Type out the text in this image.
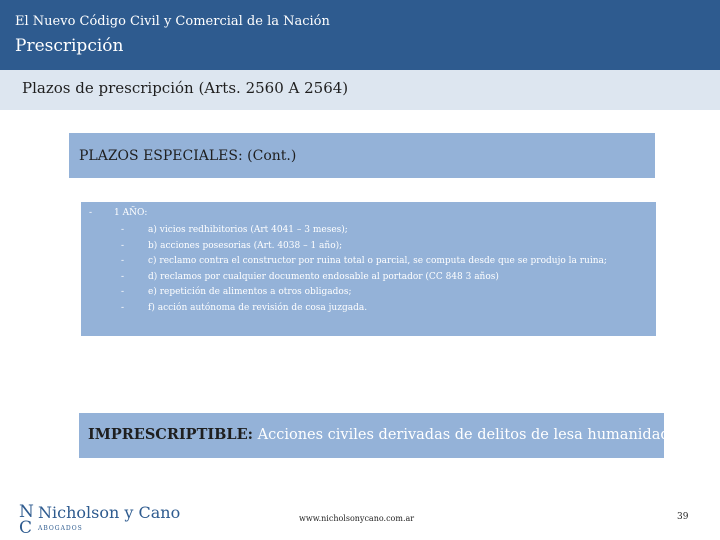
El Nuevo Código Civil y Comercial de la Nación
Prescripción
Plazos de prescripción (Arts. 2560 A 2564)
PLAZOS ESPECIALES: (Cont.)
- 1 AÑO:
-	a) vicios redhibitorios (Art 4041 – 3 meses);
-	b) acciones posesorias (Art. 4038 – 1 año);
-	c) reclamo contra el constructor por ruina total o parcial, se computa desde que se produjo la ruina;
-	d) reclamos por cualquier documento endosable al portador (CC 848 3 años)
-	e) repetición de alimentos a otros obligados;
-	f) acción autónoma de revisión de cosa juzgada.
IMPRESCRIPTIBLE: Acciones civiles derivadas de delitos de lesa humanidad.
N
C
Nicholson y Cano
ABOGADOS
www.nicholsonycano.com.ar	39
